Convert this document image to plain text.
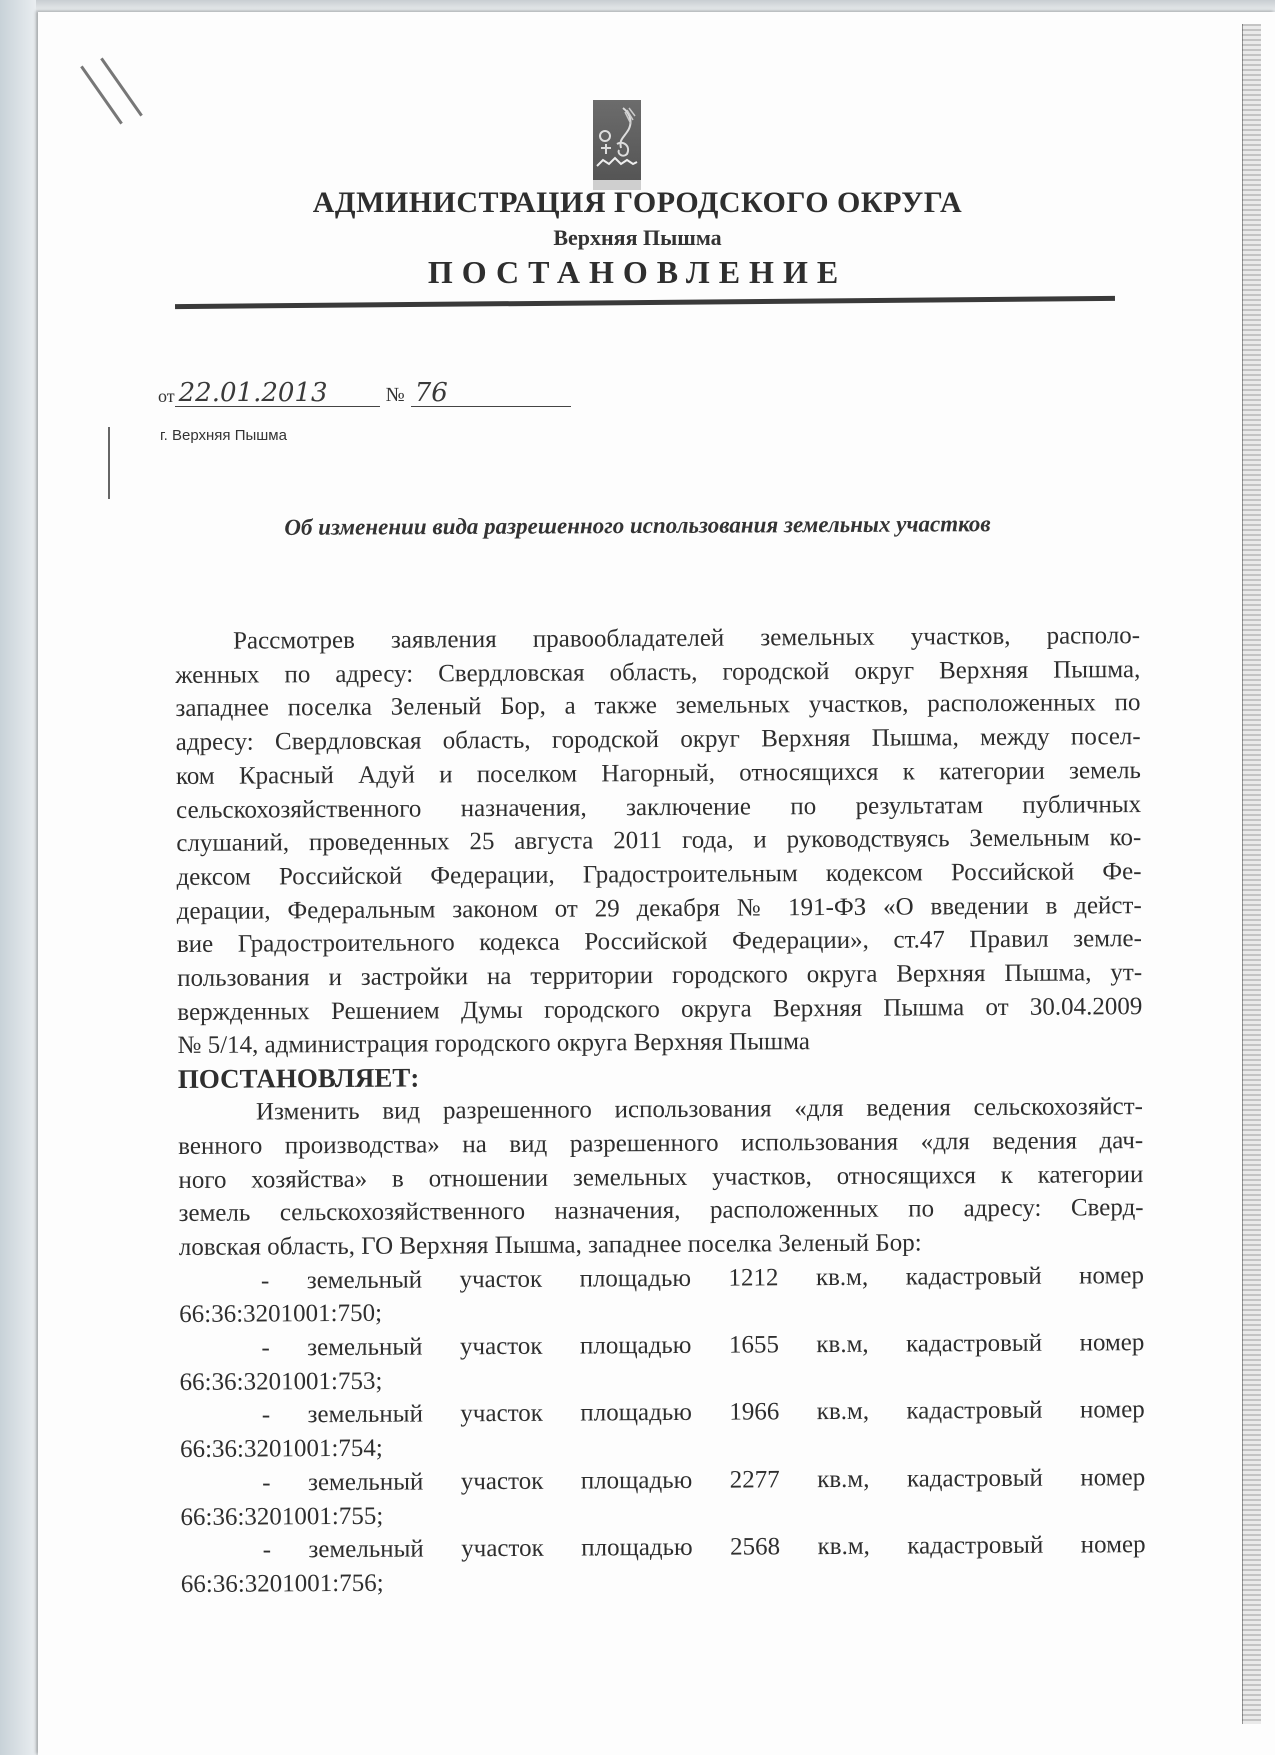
АДМИНИСТРАЦИЯ ГОРОДСКОГО ОКРУГА
Верхняя Пышма
ПОСТАНОВЛЕНИЕ
от 22.01.2013	№ 76
г. Верхняя Пышма
Об изменении вида разрешенного использования земельных участков

Рассмотрев заявления правообладателей земельных участков, располо-
женных по адресу: Свердловская область, городской округ Верхняя Пышма,
западнее поселка Зеленый Бор, а также земельных участков, расположенных по
адресу: Свердловская область, городской округ Верхняя Пышма, между посел-
ком Красный Адуй и поселком Нагорный, относящихся к категории земель
сельскохозяйственного назначения, заключение по результатам публичных
слушаний, проведенных 25 августа 2011 года, и руководствуясь Земельным ко-
дексом Российской Федерации, Градостроительным кодексом Российской Фе-
дерации, Федеральным законом от 29 декабря № 191-ФЗ «О введении в дейст-
вие Градостроительного кодекса Российской Федерации», ст.47 Правил земле-
пользования и застройки на территории городского округа Верхняя Пышма, ут-
вержденных Решением Думы городского округа Верхняя Пышма от 30.04.2009
№ 5/14, администрация городского округа Верхняя Пышма

ПОСТАНОВЛЯЕТ:

Изменить вид разрешенного использования «для ведения сельскохозяйст-
венного производства» на вид разрешенного использования «для ведения дач-
ного хозяйства» в отношении земельных участков, относящихся к категории
земель сельскохозяйственного назначения, расположенных по адресу: Сверд-
ловская область, ГО Верхняя Пышма, западнее поселка Зеленый Бор:

- земельный участок площадью 1212 кв.м, кадастровый номер
66:36:3201001:750;
- земельный участок площадью 1655 кв.м, кадастровый номер
66:36:3201001:753;
- земельный участок площадью 1966 кв.м, кадастровый номер
66:36:3201001:754;
- земельный участок площадью 2277 кв.м, кадастровый номер
66:36:3201001:755;
- земельный участок площадью 2568 кв.м, кадастровый номер
66:36:3201001:756;
